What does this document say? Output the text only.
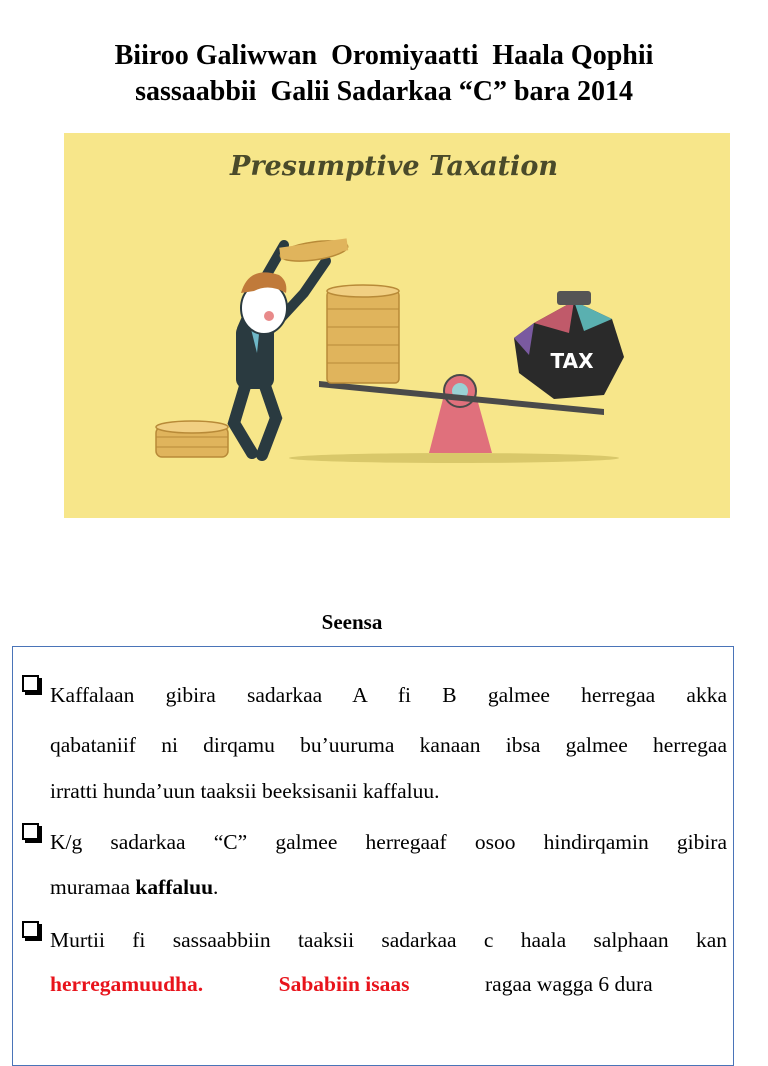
Biiroo Galiwwan  Oromiyaatti  Haala Qophii
sassaabbii  Galii Sadarkaa “C” bara 2014
Presumptive Taxation
TAX
Seensa
Kaffalaan gibira sadarkaa A fi B galmee herregaa akka
qabataniif ni dirqamu bu’uuruma kanaan ibsa galmee herregaa
irratti hunda’uun taaksii beeksisanii kaffaluu.
K/g sadarkaa “C” galmee herregaaf osoo hindirqamin gibira
muramaa kaffaluu.
Murtii fi sassaabbiin taaksii sadarkaa c haala salphaan kan
herregamuudha.	Sababiin isaas	ragaa wagga 6 dura
